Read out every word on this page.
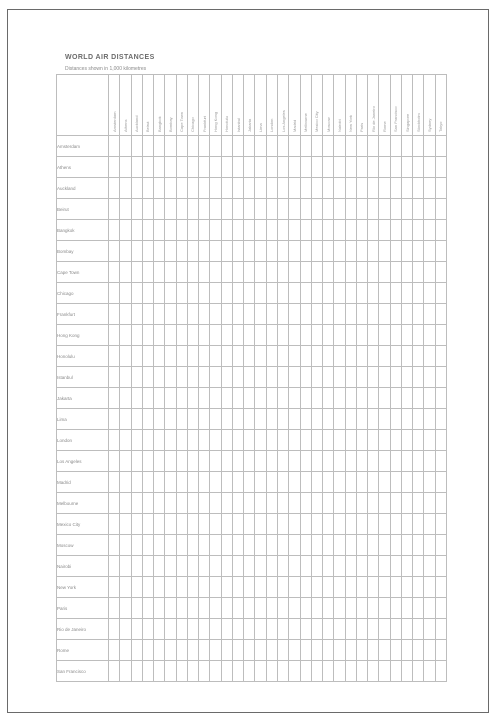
WORLD AIR DISTANCES
Distances shown in 1,000 kilometres

	Amsterdam	Athens	Auckland	Beirut	Bangkok	Bombay	Cape Town	Chicago	Frankfurt	Hong Kong	Honolulu	Istanbul	Jakarta	Lima	London	Los Angeles	Madrid	Melbourne	Mexico City	Moscow	Nairobi	New York	Paris	Rio de Janeiro	Rome	San Francisco	Singapore	Stockholm	Sydney	Tokyo

Amsterdam																														
Athens																														
Auckland																														
Beirut																														
Bangkok																														
Bombay																														
Cape Town																														
Chicago																														
Frankfurt																														
Hong Kong																														
Honolulu																														
Istanbul																														
Jakarta																														
Lima																														
London																														
Los Angeles																														
Madrid																														
Melbourne																														
Mexico City																														
Moscow																														
Nairobi																														
New York																														
Paris																														
Rio de Janeiro																														
Rome																														
San Francisco																														
